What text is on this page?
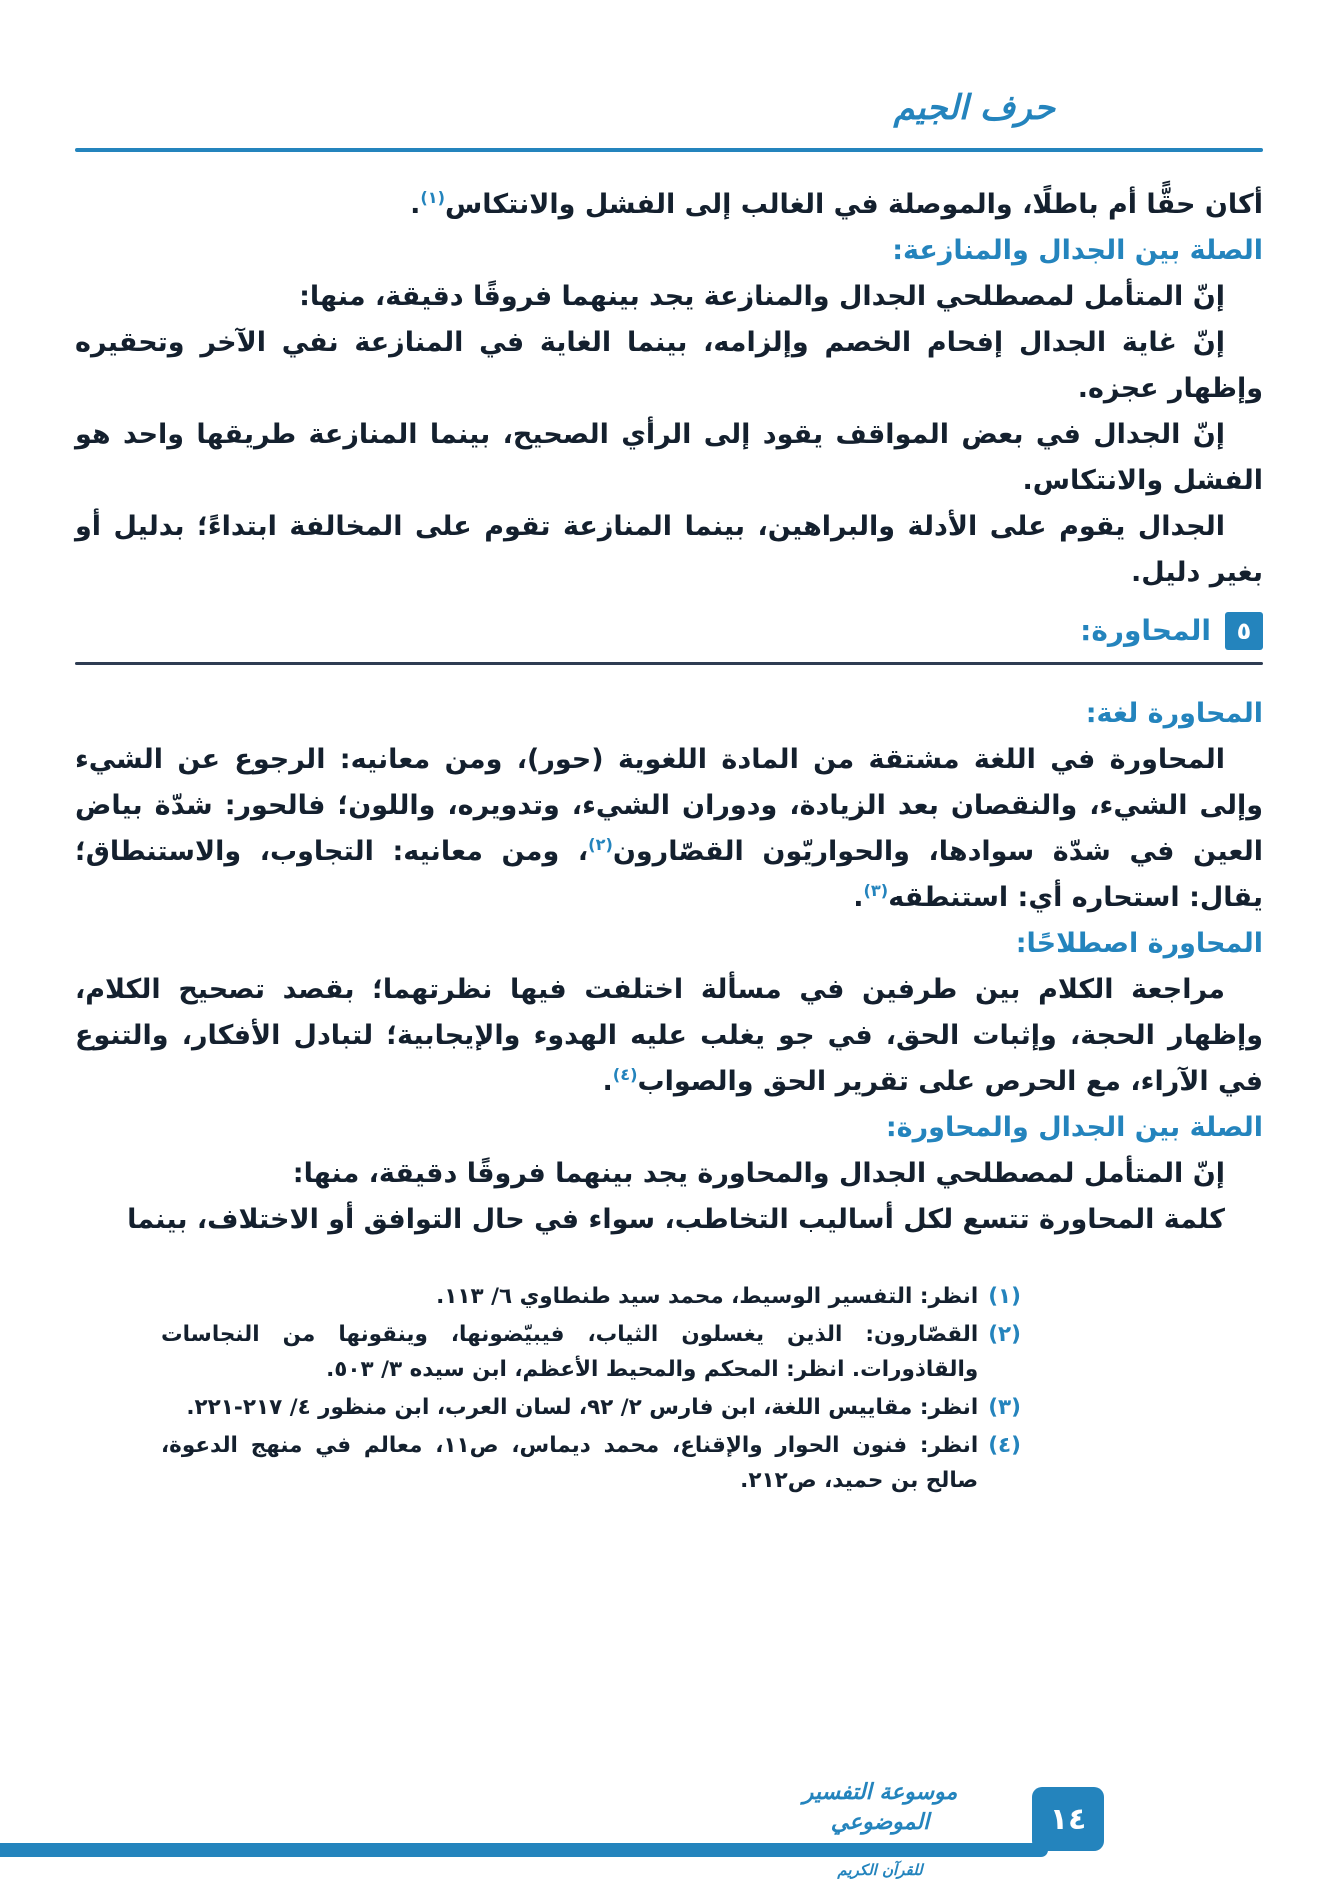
حرف الجيم

أكان حقًّا أم باطلًا، والموصلة في الغالب إلى الفشل والانتكاس$^{(١)}$.

الصلة بين الجدال والمنازعة:

إنّ المتأمل لمصطلحي الجدال والمنازعة يجد بينهما فروقًا دقيقة، منها:

إنّ غاية الجدال إفحام الخصم وإلزامه، بينما الغاية في المنازعة نفي الآخر وتحقيره وإظهار عجزه.

إنّ الجدال في بعض المواقف يقود إلى الرأي الصحيح، بينما المنازعة طريقها واحد هو الفشل والانتكاس.

الجدال يقوم على الأدلة والبراهين، بينما المنازعة تقوم على المخالفة ابتداءً؛ بدليل أو بغير دليل.

٥
المحاورة:
المحاورة لغة:

المحاورة في اللغة مشتقة من المادة اللغوية (حور)، ومن معانيه: الرجوع عن الشيء وإلى الشيء، والنقصان بعد الزيادة، ودوران الشيء، وتدويره، واللون؛ فالحور: شدّة بياض العين في شدّة سوادها، والحواريّون القصّارون$^{(٢)}$، ومن معانيه: التجاوب، والاستنطاق؛ يقال: استحاره أي: استنطقه$^{(٣)}$.

المحاورة اصطلاحًا:

مراجعة الكلام بين طرفين في مسألة اختلفت فيها نظرتهما؛ بقصد تصحيح الكلام، وإظهار الحجة، وإثبات الحق، في جو يغلب عليه الهدوء والإيجابية؛ لتبادل الأفكار، والتنوع في الآراء، مع الحرص على تقرير الحق والصواب$^{(٤)}$.

الصلة بين الجدال والمحاورة:

إنّ المتأمل لمصطلحي الجدال والمحاورة يجد بينهما فروقًا دقيقة، منها:

كلمة المحاورة تتسع لكل أساليب التخاطب، سواء في حال التوافق أو الاختلاف، بينما

(١)
انظر: التفسير الوسيط، محمد سيد طنطاوي ٦/ ١١٣.
(٢)
القصّارون: الذين يغسلون الثياب، فيبيّضونها، وينقونها من النجاسات والقاذورات. انظر: المحكم والمحيط الأعظم، ابن سيده ٣/ ٥٠٣.
(٣)
انظر: مقاييس اللغة، ابن فارس ٢/ ٩٢، لسان العرب، ابن منظور ٤/ ٢١٧-٢٢١.
(٤)
انظر: فنون الحوار والإقناع، محمد ديماس، ص١١، معالم في منهج الدعوة، صالح بن حميد، ص٢١٢.
موسوعة التفسير الموضوعي
للقرآن الكريم
١٤
